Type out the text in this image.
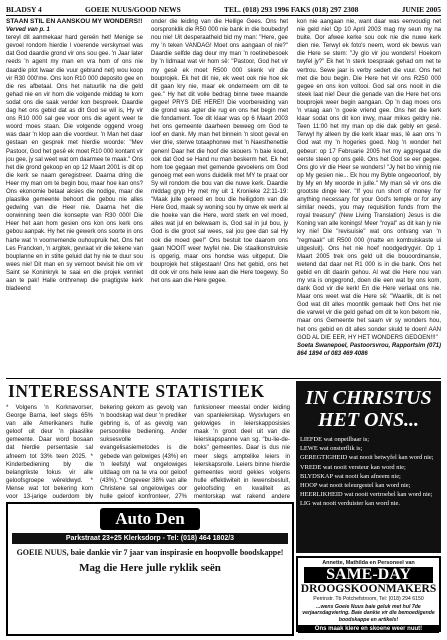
BLADSY 4	GOEIE NUUS/GOOD NEWS	TEL. (018) 293 1996 FAKS (018) 297 2308	JUNIE 2005
STAAN STIL EN AANSKOU MY WONDERS!!

Verved van p. 1

tereyl dit aanmekaar hard gereën het! Menige se gevoel rondom hierdie l voerende verskynsel was dat God daardie grond vir ons sou gee. 'n Jaar later reeds 'n agent my man en vra hom of ons nie daardie plot lwaar die vuur gebrand net) wou koop vir R30 000'me. Ons kon R10 000 deposito gee en die res afbetaal. Ons het natuurlik na die geld gehad nie en vir hom die volgende middag te kom sodat ons die saak verder kon bespreek. Daardie dag het ons gebid dat as dit God se wil is, Hy vir ons R10 000 sal gee voor ons die agent weer te woord moes staan. Die volgende oggend vroeg was daar 'n klop aan die voordeur. 'n Man het daar gestaan en gesprek met hierdie woorde: "Mev Pastoor, God het gesê ek moet R10 000 kontant vir jou gee, jy sal weet wat om daarmee te maak." Ons het die grond gekoop en op 12 Maart 2001 is dit op die kerk se naam geregistreer. Daarna dring die Heer my man om te begin bou, maar hoe kan ons? Ons ekonomie betaal aksies die nodige, maar die plaaslike gemeente behoort die gebou nie alles gedwing van die Heer nie. Daarna het die oorwinning teen die konsepte van R30 000! Die Heer het aan hom gesien ons kon ons kerk ons gebou aanpak. Hy het nie gewerk ons soorte in ons harte wat 'n voornemende ouhoupruik het. Ons het Les Francken, 'n argitek, gevraat vir die tekene van bouplanne en in stilte geluid dat hy nie te duur sou wees nie! Dit man en sy vernoot bevisit hie om vir Saint se Koninkryk te saai en die projek venniet aan te pak! Halle onthrenwp die pragtigste kerk bladeend

onder die leiding van die Heilige Gees. Ons het oorspronklik die R50 000 nie bank in die boubedryf nou nie! Uit desperaatheid bid my man: "Here, gee my 'n teken VANDAG! Moet ons aangaan of nie?" Daardie selfde dag deur my man 'n roetinebesoek by 'n lidmaat wat vir hom sê: "Pastoor, God het vir my gesê ek moet R500 000 skenk vir die bouprojek. Ek het dit nie, ek weet ook nie hoe ek dit gaan kry nie, maar ek onderneem om dit te gee." Hy het dit volle bedrag binne twee maande gegee! PRYS DIE HERE!! Die voorbereiding van die grond was agter die rug en ons het begin met die fondament. Toe dit klaar was op 6 Maart 2003 het ons gemeente daarheen beweeg om God te loof en dank. My man het binnein 'n sloot geval en vier drie, sterwe totaaphonwe met 'n Naesthenettie genen! Daar het die hoof die skouers 'n baie koud, ook dat God se Hand nu man beskerm het. Ek het hom toe gegaan met gemende gevoelens om God genoeg met een wons duidelik met MY te praat oor Sy wil rondom die bou van die nuwe kerk. Daardie middag gryp Hy met my uit 1 Kronieke 22:11-19: "Maak julle gereed en bou die heiligdom van die Here God, maak sy woning sou hy onwe ek werk al die hoeke van die Here, word sterk en vel moed, alles wat jul en bekwaam is, God sal in jul bou, jy God is die groot sal wees, sal jou gee dan sal Hy ook die moed gee!" Ons bestuit toe daarom ons gaan NOOIT weer twyfel nie. Die staalkonstruksie is opgerig, maar ons hondse was uitgeput. Die bouprojek het stilgestaan! Ons het gebid, ons het dit ook vir ons hele lewe aan die Here toegewy. So het ons aan die Here gegee.

kon nie aangaan nie, want daar was eenvoudig net nie geld nie! Op 10 April 2003 mag my seun my na buite. Oor afwee kerke sou ook nie die nuwe kerk dien nie. Terwyl ek foto's neem, word ek bewus van die Here se stem: "Jy glo vir jou wonders! Hoekom twyfel jy?" Ek het 'n sterk toespraak gehad om net te vertrou. Sewe jaar is verby sedert die vuur. Ons het met die bou begin. Die Here het vir ons R250 000 gegee en ons kon voltooi. God sal ons nooit in die steek laat nie! Deur die genade van die Here het ons bouprojek weer begin aangaan. Op 'n dag moes ons 'n vraag aan 'n goeie vriend gee. Ons het die kerk klaar sodat ons dit kon inwy, maar mikes geldry nie. Teen 11:00 het my man op die dak gebly en gesê. Terwyl hy alleen by die kerk klaar was, lê aan ons 'n God wat my 'n hogeries goed. Nog 'n wonder het gebeur: op 17 Februarie 2005 het my aggregaat die eerste steen op ons gelê. Ons het God se eer gegee. Ons glo vir die Heer se wonders! "Jy het bo vinnig nie op My gesien nie... Ek hou my Byble ongeoorloof, bly by My en My woorde in julle." My man sê vir ons die grootste dinge leer. "If you run short of money for anything necessary for your God's temple or for any similar needs, you may requisition funds from the royal treasury" (New Living Translation) Jesus is die Koning van alle konings! Meer "royal" as dit kan jy nie kry nie! Die "revisuisie" wat ons ontvang van 'n "regmaak" uit R500 000 (matte en kombuiskaste ui uitgesluit). Ons het nie hoef noodgedrygvir. Op 1 Maart 2005 trek ons geld uit die bouoordinansie, wetend dat daar net R1 000 is in die bank. Ons het gebid en dit daarin gehou. Al wat die Here nou van my vra is ongegrond, doen die een wat by ons kom, dank God vir die kerk! En die Here verlaat ons nie. Maar ons weet wat die Here sê: "Waarlik, dit is net God wat dit alles moontlik gemaak het! Ons het nie die varwel vir die geld gehad om dit te kon bekom nie, maar ons Gemeente het saam vir sy wonders hou, het ons gebid en dit alles sonder skuld te doen! AAN GOD AL DIE EER, HY HET WONDERS GEDOEN!!!"

Soeta Swanepoel, Pastoorsvrou, Rapportsim (071) 864 1894 of 083 469 4086

INTERESSANTE STATISTIEK
* Volgens 'n Korknavorser, George Barna, leef slegs 65% van alle Amerikaners hulle geloof uit deur 'n plaaslike gemeente. Daar word bosaan dat hierdie persentasie sal afneem tot 33% teen 2025. * Kinderbediening bly die belangrikste fokus vir alle geloofsgroepe wêreldwyd. * Mense wat tot bekering kom voor 13-jarige ouderdom bly
bekering gekom as gevolg van 'n boodskap wat deur 'n prediker gebring is, of as gevolg van persoonlike bediening. Ander suksesvolle evangelisasiemetodes is die gebede van gelowiges (43%) en 'n leefstyl wat ongelowiges uitdaag om na te vra oor geloof (43%). * Ongeveer 38% van alle Christene sal ongelowiges oor hulle geloof konfronteer, 27%
funksioneer meestal onder leiding van spanleierskap. Wysvlugers en gelowiges in leierskapposisies maak 'n groot deel uit van die leierskapspanne van sg. "bu-lie-de-boks" gemeentes. Daar is dus nie meer slegs amptelike leiers in leierskapsrolle. Leiers binne hierdie gemeentes word gekies volgens hulle effektiwiteit in lewensbesluit, geloofsding en kwaliteit as mentorskap wat rakend andere
Auto Den
Parkstraat 23+25 Klerksdorp - Tel: (018) 464 1802/3
GOEIE NUUS, baie dankie vir 7 jaar van inspirasie en hoopvolle boodskappe!
Mag die Here julle ryklik seën
IN CHRISTUS
HET ONS...
LIEFDE wat onpeilbaar is;
LEWE wat onsterflik is;
GEREGTIGHEID wat nooit betwyfel kan word nie;
VREDE wat nooit versteur kan word nie;
BLYDSKAP wat nooit kan afneem nie;
HOOP wat nooit teleurgestel kan word nie;
HEERLIKHEID wat nooit vertroebel kan word nie;
LIG wat nooit verduister kan word nie.
Annette, Mathilda en Personeel van
SAME-DAY
DROOGSKOONMAKERS
Perrinstr. Tb Potchefstroom, Tel: (018) 294 6150
...wens Goeie Nuus baie geluk met hul 7de verjaarsdagviering. Baie dankie vir die bemoedigende boodskappe en artikels!
Ons maak klere en skoene weer nuut!
